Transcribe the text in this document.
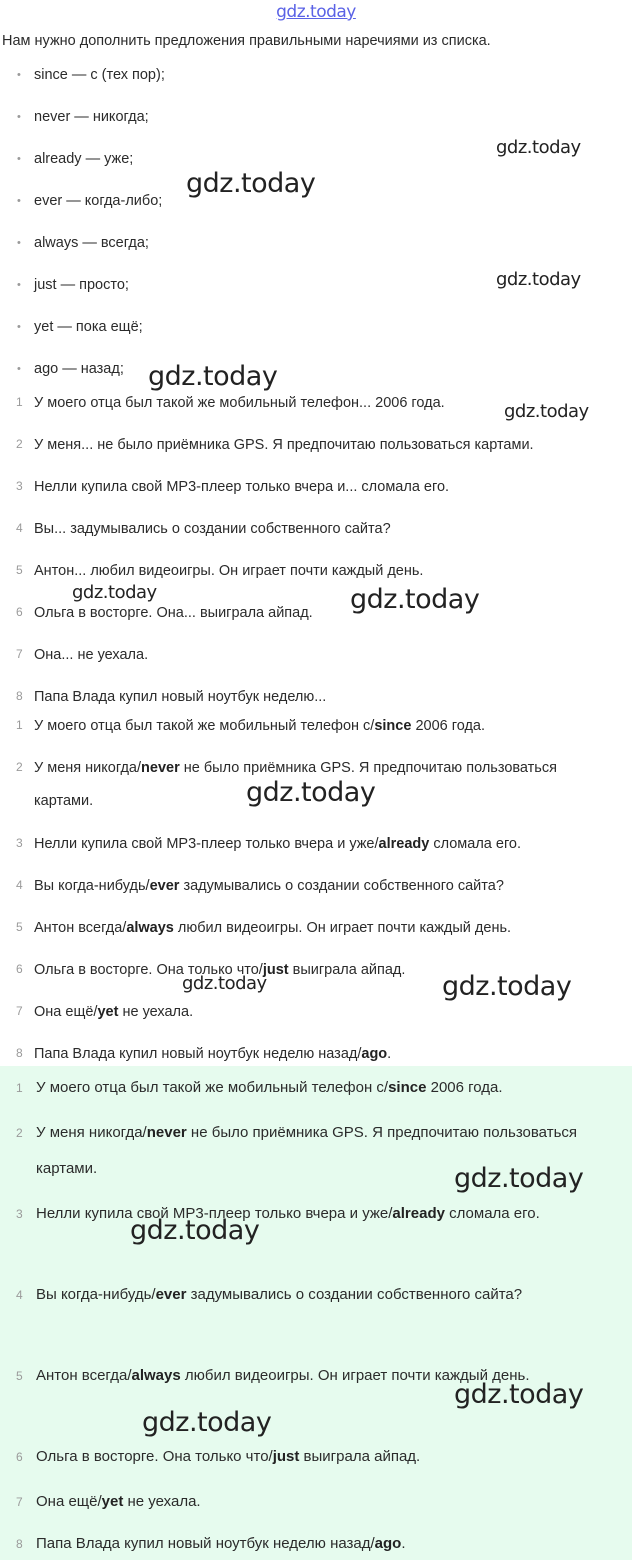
gdz.today
Нам нужно дополнить предложения правильными наречиями из списка.
• since — с (тех пор);
• never — никогда;
• already — уже;
• ever — когда-либо;
• always — всегда;
• just — просто;
• yet — пока ещё;
• ago — назад;
1 У моего отца был такой же мобильный телефон... 2006 года.
2 У меня... не было приёмника GPS. Я предпочитаю пользоваться картами.
3 Нелли купила свой MP3-плеер только вчера и... сломала его.
4 Вы... задумывались о создании собственного сайта?
5 Антон... любил видеоигры. Он играет почти каждый день.
6 Ольга в восторге. Она... выиграла айпад.
7 Она... не уехала.
8 Папа Влада купил новый ноутбук неделю...
1 У моего отца был такой же мобильный телефон с/since 2006 года.
2 У меня никогда/never не было приёмника GPS. Я предпочитаю пользоваться картами.
3 Нелли купила свой MP3-плеер только вчера и уже/already сломала его.
4 Вы когда-нибудь/ever задумывались о создании собственного сайта?
5 Антон всегда/always любил видеоигры. Он играет почти каждый день.
6 Ольга в восторге. Она только что/just выиграла айпад.
7 Она ещё/yet не уехала.
8 Папа Влада купил новый ноутбук неделю назад/ago.
1 У моего отца был такой же мобильный телефон с/since 2006 года.
2 У меня никогда/never не было приёмника GPS. Я предпочитаю пользоваться картами.
3 Нелли купила свой MP3-плеер только вчера и уже/already сломала его.
4 Вы когда-нибудь/ever задумывались о создании собственного сайта?
5 Антон всегда/always любил видеоигры. Он играет почти каждый день.
6 Ольга в восторге. Она только что/just выиграла айпад.
7 Она ещё/yet не уехала.
8 Папа Влада купил новый ноутбук неделю назад/ago.
gdz.today
gdz.today
gdz.today
gdz.today
gdz.today
gdz.today	gdz.today
gdz.today
gdz.today	gdz.today
gdz.today
gdz.today
gdz.today
gdz.today
